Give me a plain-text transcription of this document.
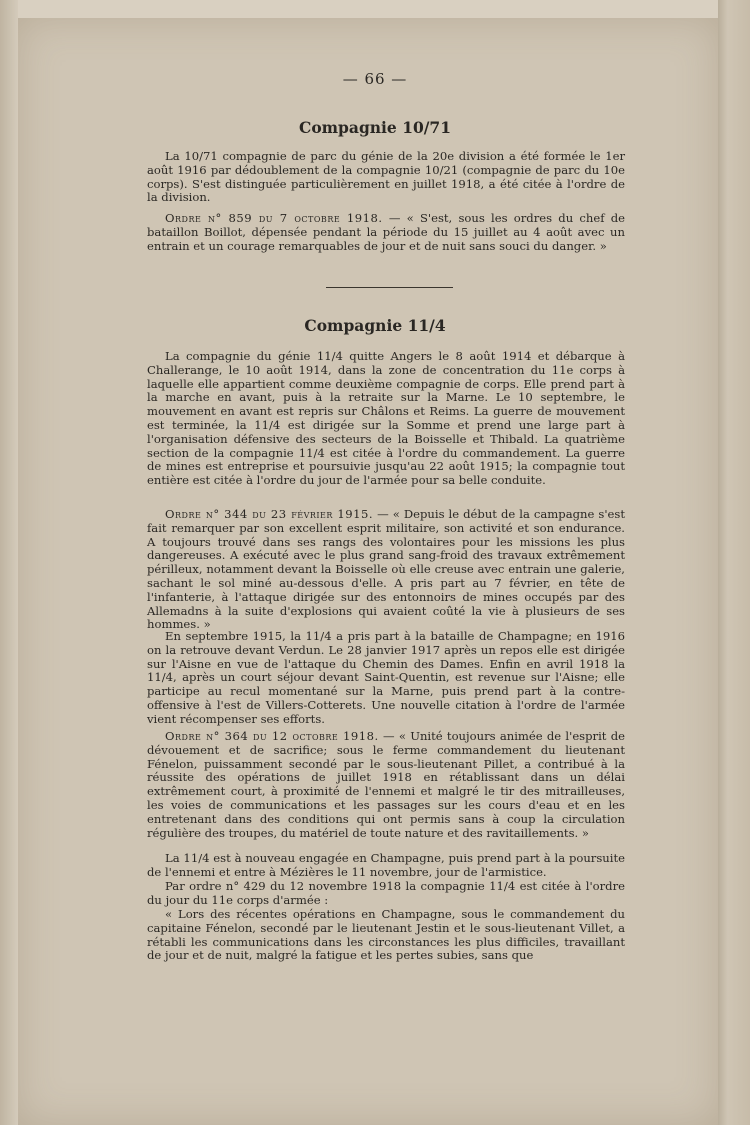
— 66 —
Compagnie 10/71

La 10/71 compagnie de parc du génie de la 20e division a été formée le 1er août 1916 par dédoublement de la compagnie 10/21 (compagnie de parc du 10e corps). S'est distinguée particulièrement en juillet 1918, a été citée à l'ordre de la division.

Ordre n° 859 du 7 octobre 1918. — « S'est, sous les ordres du chef de bataillon Boillot, dépensée pendant la période du 15 juillet au 4 août avec un entrain et un courage remarquables de jour et de nuit sans souci du danger. »

Compagnie 11/4

La compagnie du génie 11/4 quitte Angers le 8 août 1914 et débarque à Challerange, le 10 août 1914, dans la zone de concentration du 11e corps à laquelle elle appartient comme deuxième compagnie de corps. Elle prend part à la marche en avant, puis à la retraite sur la Marne. Le 10 septembre, le mouvement en avant est repris sur Châlons et Reims. La guerre de mouvement est terminée, la 11/4 est dirigée sur la Somme et prend une large part à l'organisation défensive des secteurs de la Boisselle et Thibald. La quatrième section de la compagnie 11/4 est citée à l'ordre du commandement. La guerre de mines est entreprise et poursuivie jusqu'au 22 août 1915; la compagnie tout entière est citée à l'ordre du jour de l'armée pour sa belle conduite.

Ordre n° 344 du 23 février 1915. — « Depuis le début de la campagne s'est fait remarquer par son excellent esprit militaire, son activité et son endurance. A toujours trouvé dans ses rangs des volontaires pour les missions les plus dangereuses. A exécuté avec le plus grand sang-froid des travaux extrêmement périlleux, notamment devant la Boisselle où elle creuse avec entrain une galerie, sachant le sol miné au-dessous d'elle. A pris part au 7 février, en tête de l'infanterie, à l'attaque dirigée sur des entonnoirs de mines occupés par des Allemadns à la suite d'explosions qui avaient coûté la vie à plusieurs de ses hommes. »

En septembre 1915, la 11/4 a pris part à la bataille de Champagne; en 1916 on la retrouve devant Verdun. Le 28 janvier 1917 après un repos elle est dirigée sur l'Aisne en vue de l'attaque du Chemin des Dames. Enfin en avril 1918 la 11/4, après un court séjour devant Saint-Quentin, est revenue sur l'Aisne; elle participe au recul momentané sur la Marne, puis prend part à la contre-offensive à l'est de Villers-Cotterets. Une nouvelle citation à l'ordre de l'armée vient récompenser ses efforts.

Ordre n° 364 du 12 octobre 1918. — « Unité toujours animée de l'esprit de dévouement et de sacrifice; sous le ferme commandement du lieutenant Fénelon, puissamment secondé par le sous-lieutenant Pillet, a contribué à la réussite des opérations de juillet 1918 en rétablissant dans un délai extrêmement court, à proximité de l'ennemi et malgré le tir des mitrailleuses, les voies de communications et les passages sur les cours d'eau et en les entretenant dans des conditions qui ont permis sans à coup la circulation régulière des troupes, du matériel de toute nature et des ravitaillements. »

La 11/4 est à nouveau engagée en Champagne, puis prend part à la poursuite de l'ennemi et entre à Mézières le 11 novembre, jour de l'armistice.

Par ordre n° 429 du 12 novembre 1918 la compagnie 11/4 est citée à l'ordre du jour du 11e corps d'armée :

« Lors des récentes opérations en Champagne, sous le commandement du capitaine Fénelon, secondé par le lieutenant Jestin et le sous-lieutenant Villet, a rétabli les communications dans les circonstances les plus difficiles, travaillant de jour et de nuit, malgré la fatigue et les pertes subies, sans que
